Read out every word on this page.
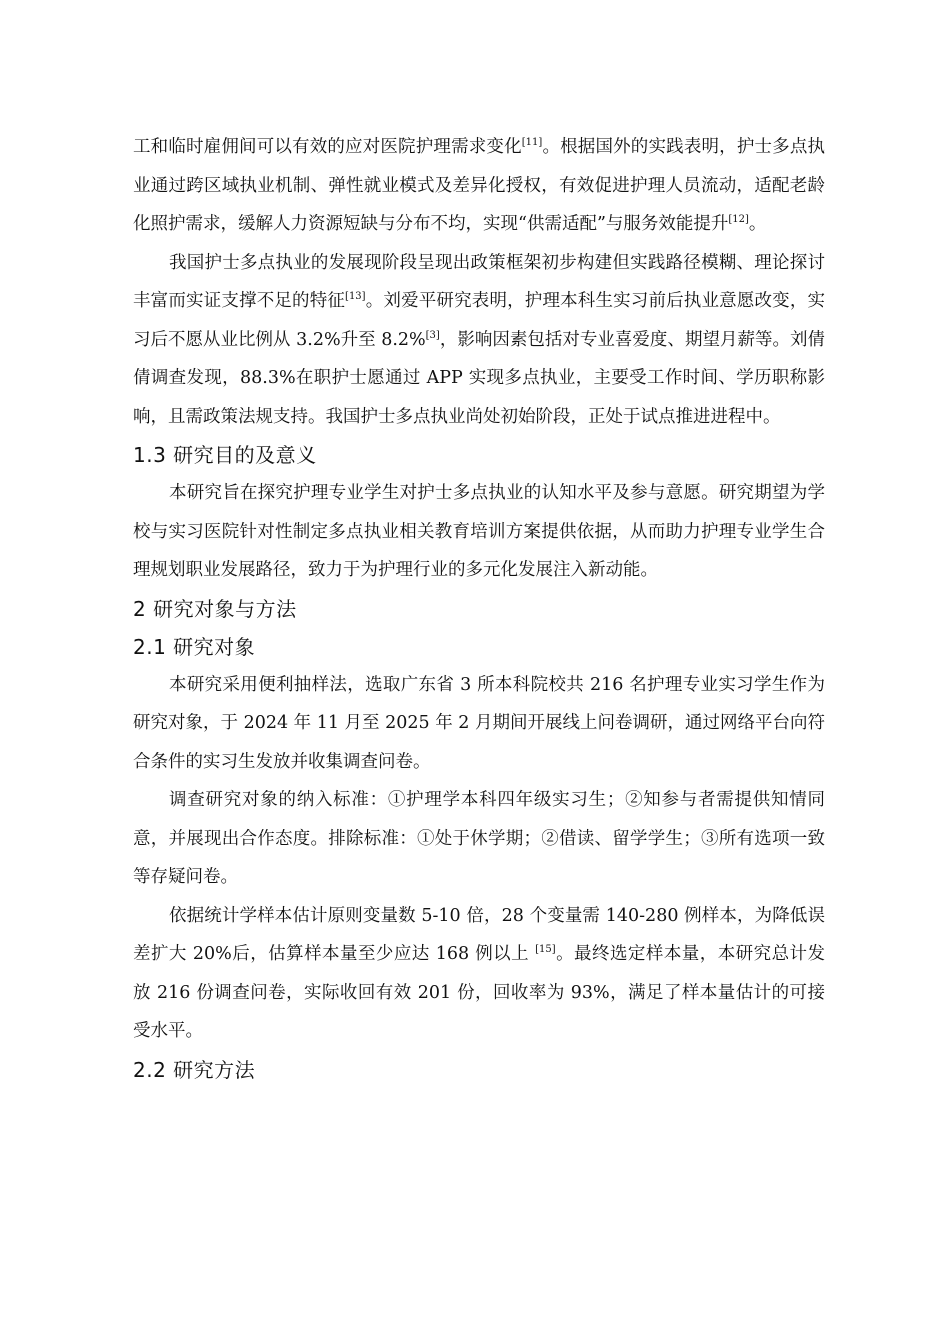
工和临时雇佣间可以有效的应对医院护理需求变化[11]。根据国外的实践表明，护士多点执业通过跨区域执业机制、弹性就业模式及差异化授权，有效促进护理人员流动，适配老龄化照护需求，缓解人力资源短缺与分布不均，实现“供需适配”与服务效能提升[12]。

我国护士多点执业的发展现阶段呈现出政策框架初步构建但实践路径模糊、理论探讨丰富而实证支撑不足的特征[13]。刘爱平研究表明，护理本科生实习前后执业意愿改变，实习后不愿从业比例从 3.2%升至 8.2%[3]，影响因素包括对专业喜爱度、期望月薪等。刘倩倩调查发现，88.3%在职护士愿通过 APP 实现多点执业，主要受工作时间、学历职称影响，且需政策法规支持。我国护士多点执业尚处初始阶段，正处于试点推进进程中。

1.3 研究目的及意义

本研究旨在探究护理专业学生对护士多点执业的认知水平及参与意愿。研究期望为学校与实习医院针对性制定多点执业相关教育培训方案提供依据，从而助力护理专业学生合理规划职业发展路径，致力于为护理行业的多元化发展注入新动能。

2 研究对象与方法
2.1 研究对象

本研究采用便利抽样法，选取广东省 3 所本科院校共 216 名护理专业实习学生作为研究对象，于 2024 年 11 月至 2025 年 2 月期间开展线上问卷调研，通过网络平台向符合条件的实习生发放并收集调查问卷。

调查研究对象的纳入标准：①护理学本科四年级实习生；②知参与者需提供知情同意，并展现出合作态度。排除标准：①处于休学期；②借读、留学学生；③所有选项一致等存疑问卷。

依据统计学样本估计原则变量数 5-10 倍，28 个变量需 140-280 例样本，为降低误差扩大 20%后，估算样本量至少应达 168 例以上 [15]。最终选定样本量，本研究总计发放 216 份调查问卷，实际收回有效 201 份，回收率为 93%，满足了样本量估计的可接受水平。

2.2 研究方法
